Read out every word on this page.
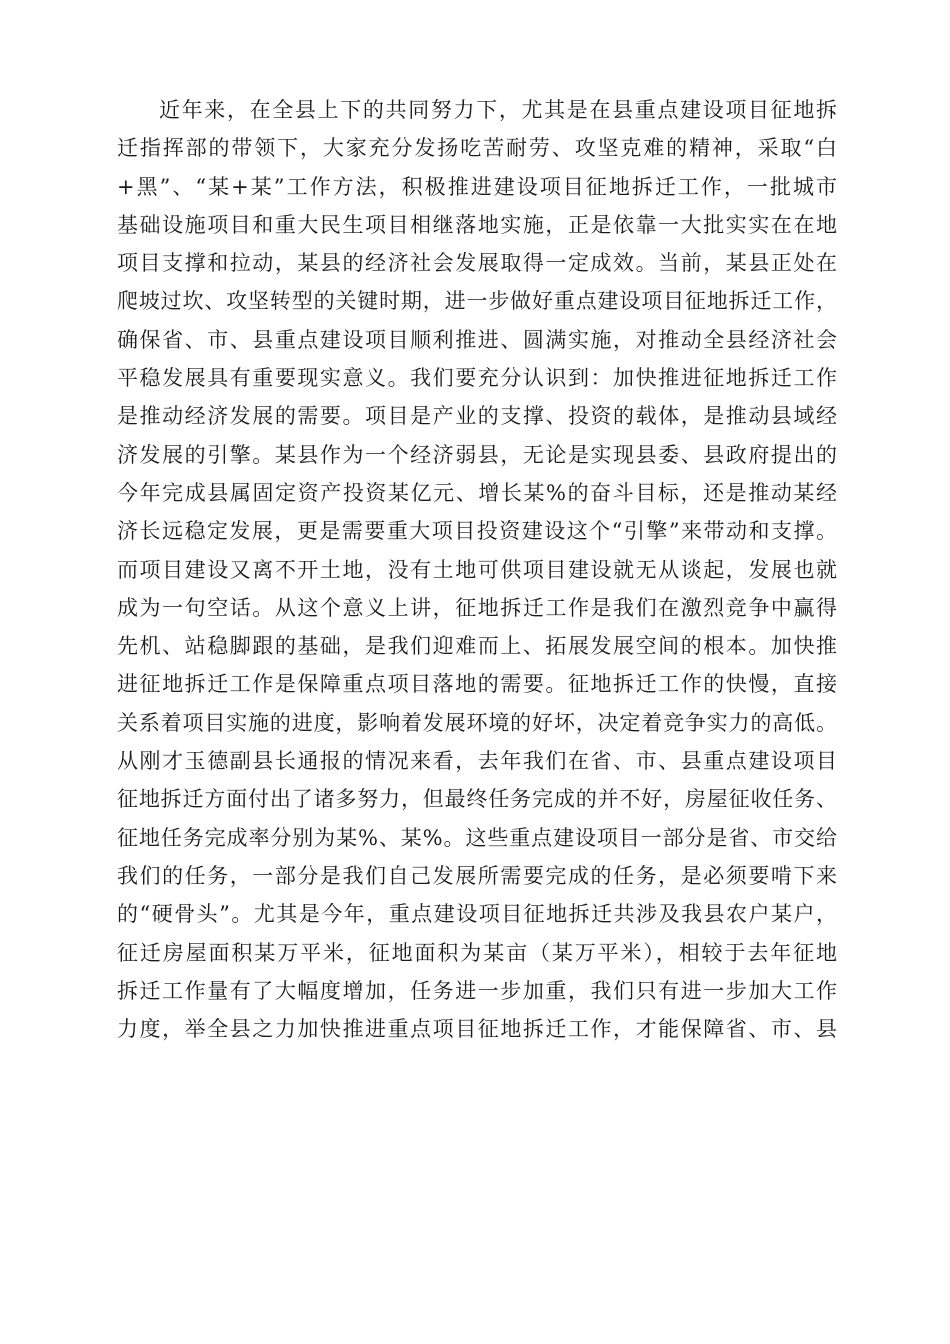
近年来，在全县上下的共同努力下，尤其是在县重点建设项目征地拆
迁指挥部的带领下，大家充分发扬吃苦耐劳、攻坚克难的精神，采取“白
+黑”、“某+某”工作方法，积极推进建设项目征地拆迁工作，一批城市
基础设施项目和重大民生项目相继落地实施，正是依靠一大批实实在在地
项目支撑和拉动，某县的经济社会发展取得一定成效。当前，某县正处在
爬坡过坎、攻坚转型的关键时期，进一步做好重点建设项目征地拆迁工作，
确保省、市、县重点建设项目顺利推进、圆满实施，对推动全县经济社会
平稳发展具有重要现实意义。我们要充分认识到：加快推进征地拆迁工作
是推动经济发展的需要。项目是产业的支撑、投资的载体，是推动县域经
济发展的引擎。某县作为一个经济弱县，无论是实现县委、县政府提出的
今年完成县属固定资产投资某亿元、增长某%的奋斗目标，还是推动某经
济长远稳定发展，更是需要重大项目投资建设这个“引擎”来带动和支撑。
而项目建设又离不开土地，没有土地可供项目建设就无从谈起，发展也就
成为一句空话。从这个意义上讲，征地拆迁工作是我们在激烈竞争中赢得
先机、站稳脚跟的基础，是我们迎难而上、拓展发展空间的根本。加快推
进征地拆迁工作是保障重点项目落地的需要。征地拆迁工作的快慢，直接
关系着项目实施的进度，影响着发展环境的好坏，决定着竞争实力的高低。
从刚才玉德副县长通报的情况来看，去年我们在省、市、县重点建设项目
征地拆迁方面付出了诸多努力，但最终任务完成的并不好，房屋征收任务、
征地任务完成率分别为某%、某%。这些重点建设项目一部分是省、市交给
我们的任务，一部分是我们自己发展所需要完成的任务，是必须要啃下来
的“硬骨头”。尤其是今年，重点建设项目征地拆迁共涉及我县农户某户，
征迁房屋面积某万平米，征地面积为某亩（某万平米），相较于去年征地
拆迁工作量有了大幅度增加，任务进一步加重，我们只有进一步加大工作
力度，举全县之力加快推进重点项目征地拆迁工作，才能保障省、市、县
